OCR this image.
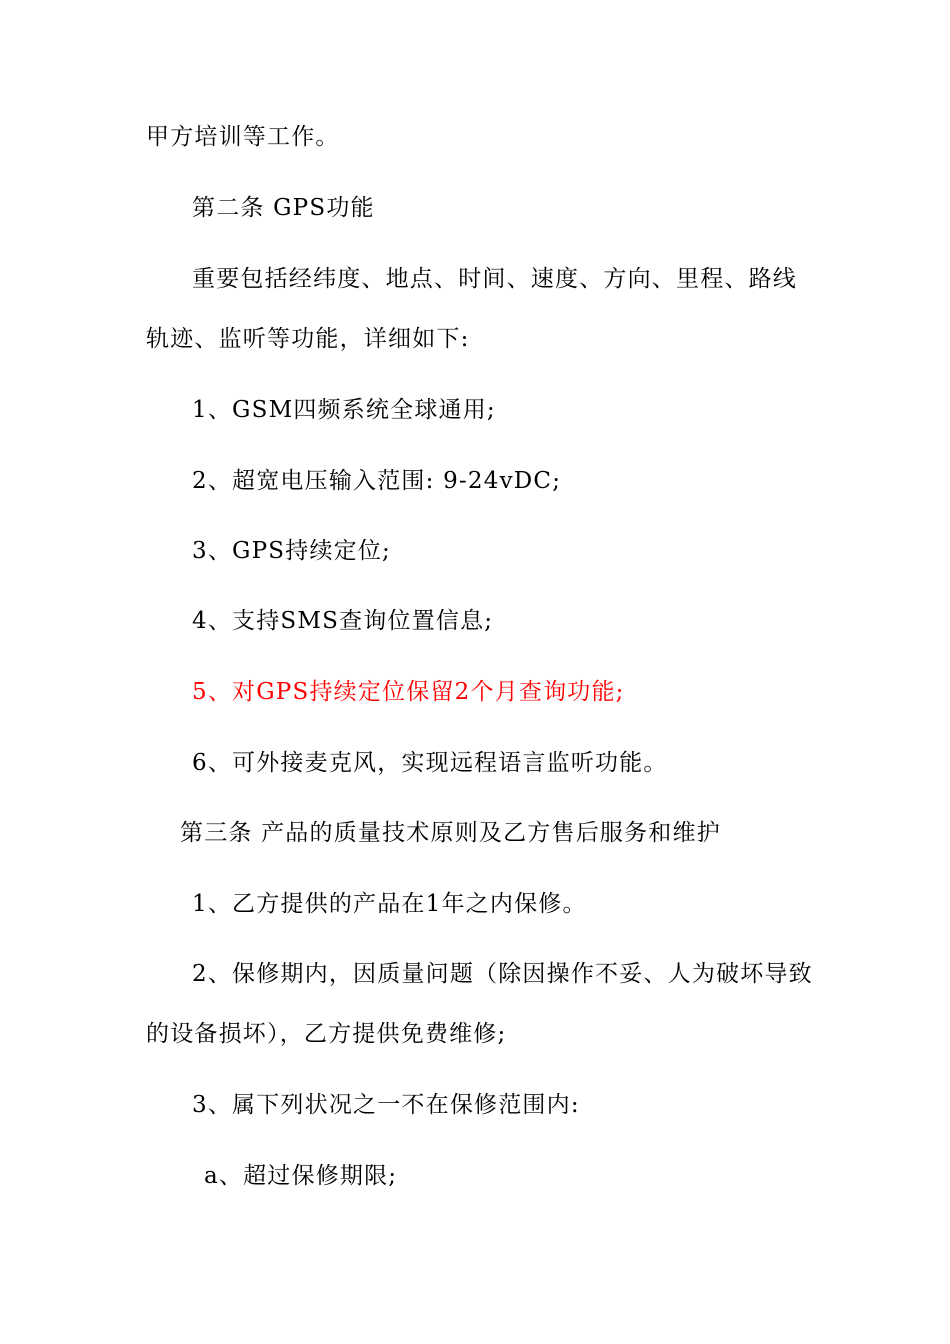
甲方培训等工作。
第二条 GPS功能
重要包括经纬度、地点、时间、速度、方向、里程、路线
轨迹、监听等功能，详细如下:
1、GSM四频系统全球通用;
2、超宽电压输入范围: 9-24vDC;
3、GPS持续定位;
4、支持SMS查询位置信息;
5、对GPS持续定位保留2个月查询功能;
6、可外接麦克风，实现远程语言监听功能。
第三条 产品的质量技术原则及乙方售后服务和维护
1、乙方提供的产品在1年之内保修。
2、保修期内，因质量问题（除因操作不妥、人为破坏导致
的设备损坏），乙方提供免费维修;
3、属下列状况之一不在保修范围内:
a、超过保修期限;
